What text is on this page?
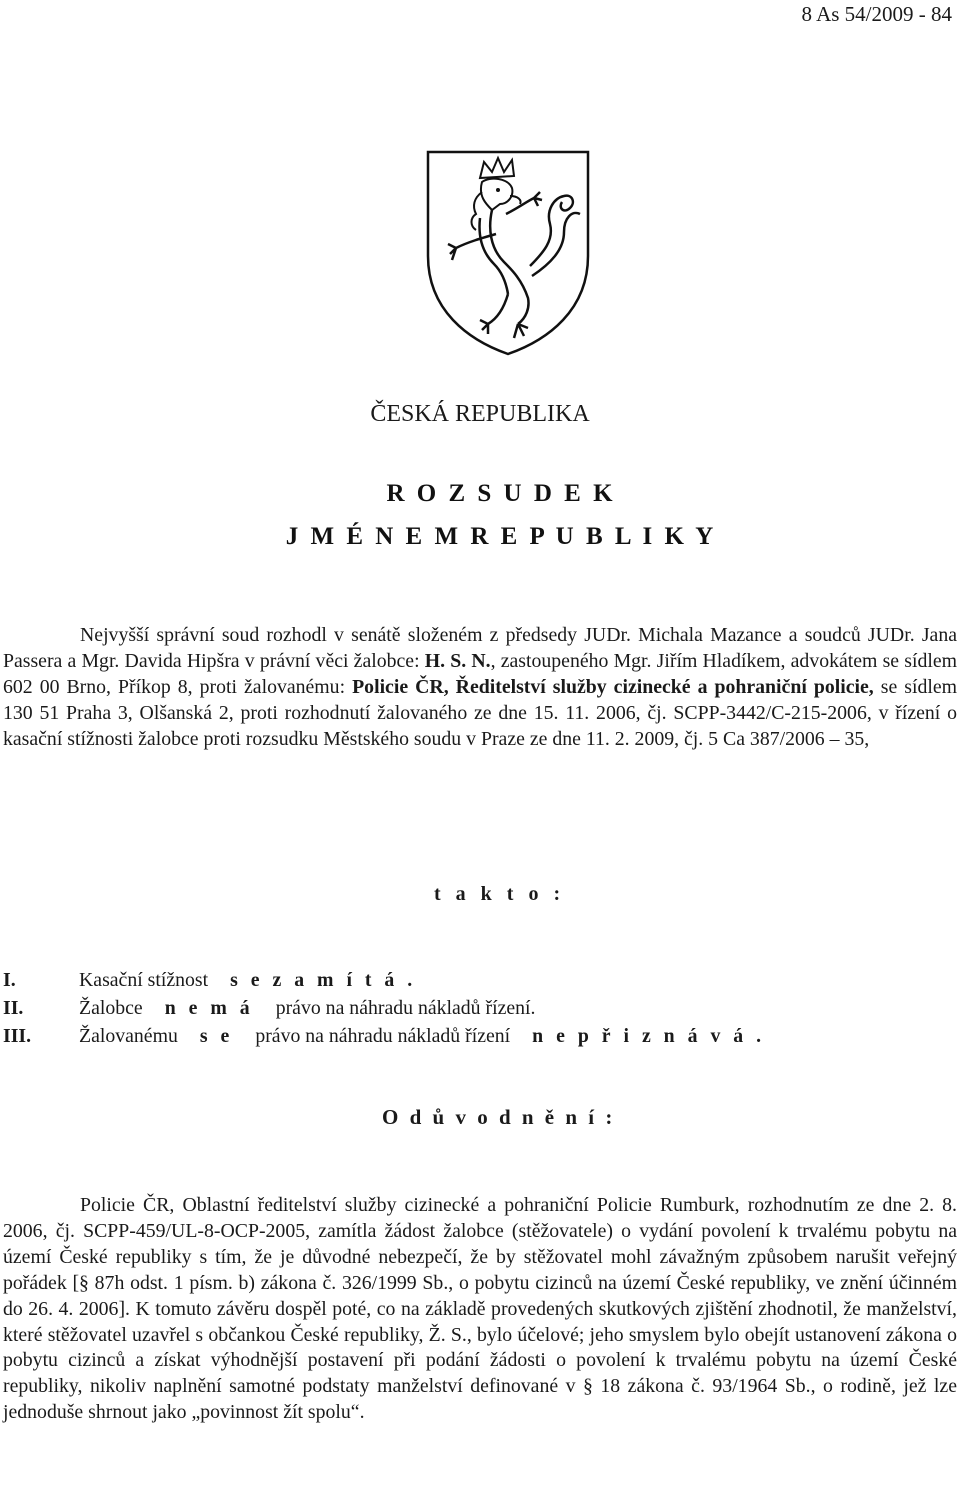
8 As 54/2009 - 84
ČESKÁ REPUBLIKA
R O Z S U D E K
J M É N E M R E P U B L I K Y
Nejvyšší správní soud rozhodl v senátě složeném z předsedy JUDr. Michala Mazance a soudců JUDr. Jana Passera a Mgr. Davida Hipšra v právní věci žalobce: H. S. N., zastoupeného Mgr. Jiřím Hladíkem, advokátem se sídlem 602 00 Brno, Příkop 8, proti žalovanému: Policie ČR, Ředitelství služby cizinecké a pohraniční policie, se sídlem 130 51 Praha 3, Olšanská 2, proti rozhodnutí žalovaného ze dne 15. 11. 2006, čj. SCPP-3442/C-215-2006, v řízení o kasační stížnosti žalobce proti rozsudku Městského soudu v Praze ze dne 11. 2. 2009, čj. 5 Ca 387/2006 – 35,
t a k t o :
I.	Kasační stížnost s e z a m í t á .
II.	Žalobce n e m á právo na náhradu nákladů řízení.
III. Žalovanému s e právo na náhradu nákladů řízení n e p ř i z n á v á .
O d ů v o d n ě n í :
Policie ČR, Oblastní ředitelství služby cizinecké a pohraniční Policie Rumburk, rozhodnutím ze dne 2. 8. 2006, čj. SCPP-459/UL-8-OCP-2005, zamítla žádost žalobce (stěžovatele) o vydání povolení k trvalému pobytu na území České republiky s tím, že je důvodné nebezpečí, že by stěžovatel mohl závažným způsobem narušit veřejný pořádek [§ 87h odst. 1 písm. b) zákona č. 326/1999 Sb., o pobytu cizinců na území České republiky, ve znění účinném do 26. 4. 2006]. K tomuto závěru dospěl poté, co na základě provedených skutkových zjištění zhodnotil, že manželství, které stěžovatel uzavřel s občankou České republiky, Ž. S., bylo účelové; jeho smyslem bylo obejít ustanovení zákona o pobytu cizinců a získat výhodnější postavení při podání žádosti o povolení k trvalému pobytu na území České republiky, nikoliv naplnění samotné podstaty manželství definované v § 18 zákona č. 93/1964 Sb., o rodině, jež lze jednoduše shrnout jako „povinnost žít spolu“.
